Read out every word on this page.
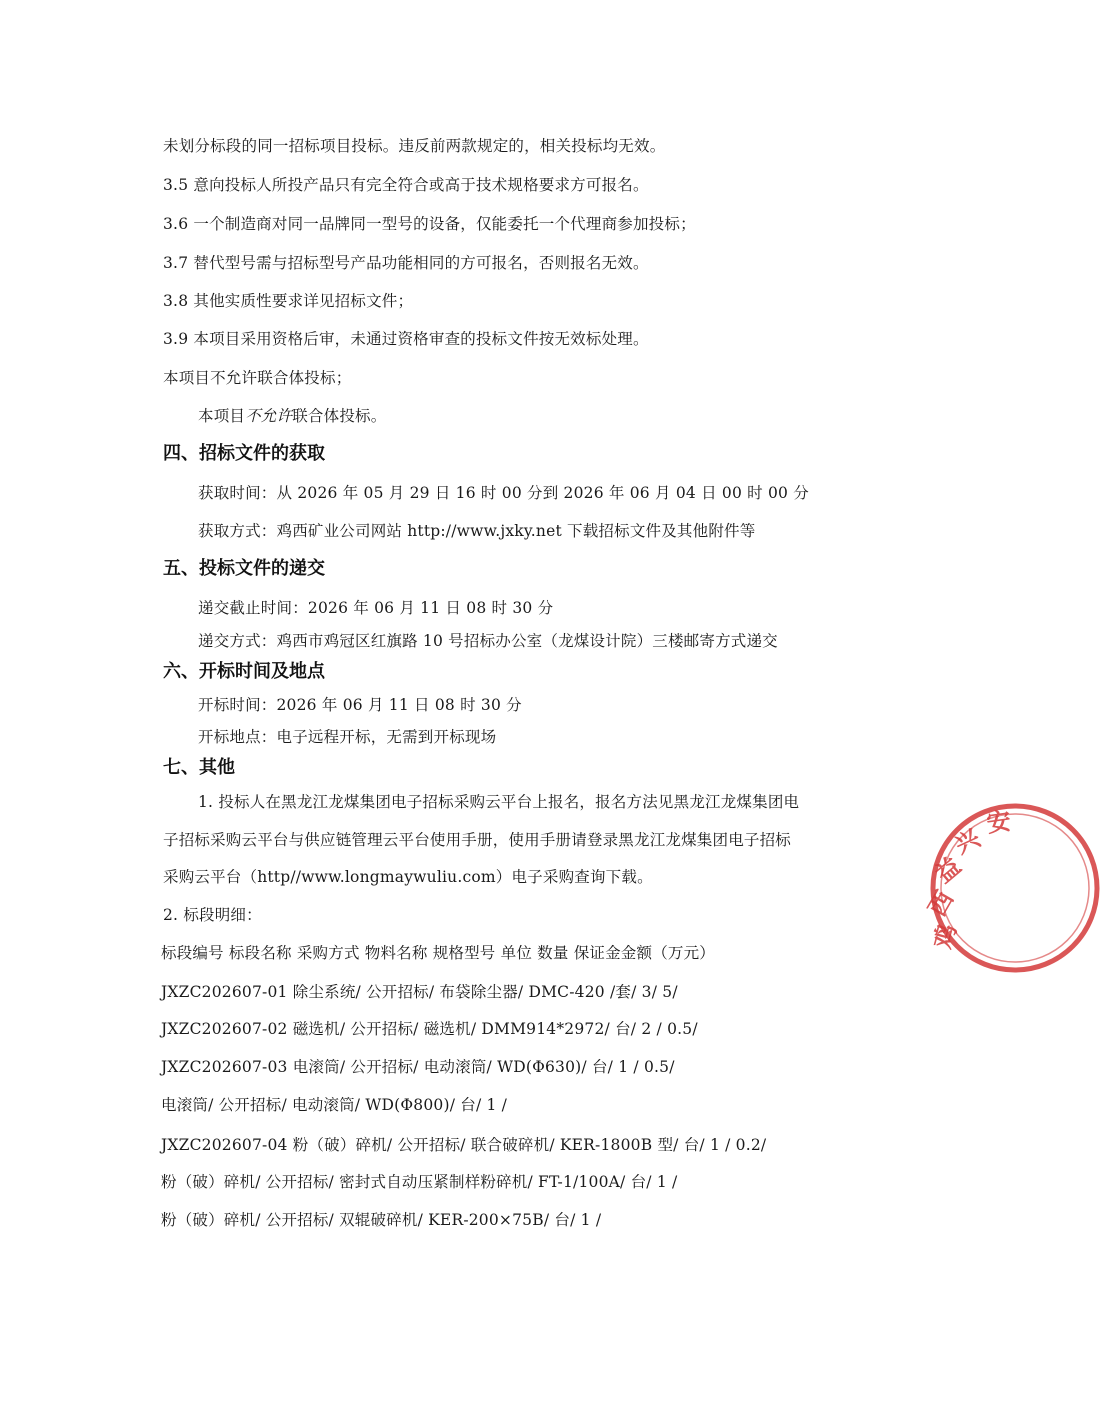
未划分标段的同一招标项目投标。违反前两款规定的，相关投标均无效。
3.5 意向投标人所投产品只有完全符合或高于技术规格要求方可报名。
3.6 一个制造商对同一品牌同一型号的设备，仅能委托一个代理商参加投标；
3.7 替代型号需与招标型号产品功能相同的方可报名，否则报名无效。
3.8 其他实质性要求详见招标文件；
3.9 本项目采用资格后审，未通过资格审查的投标文件按无效标处理。
本项目不允许联合体投标；
本项目不允许联合体投标。
四、招标文件的获取
获取时间：从 2026 年 05 月 29 日 16 时 00 分到 2026 年 06 月 04 日 00 时 00 分
获取方式：鸡西矿业公司网站 http://www.jxky.net 下载招标文件及其他附件等
五、投标文件的递交
递交截止时间：2026 年 06 月 11 日 08 时 30 分
递交方式：鸡西市鸡冠区红旗路 10 号招标办公室（龙煤设计院）三楼邮寄方式递交
六、开标时间及地点
开标时间：2026 年 06 月 11 日 08 时 30 分
开标地点：电子远程开标，无需到开标现场
七、其他
1. 投标人在黑龙江龙煤集团电子招标采购云平台上报名，报名方法见黑龙江龙煤集团电
子招标采购云平台与供应链管理云平台使用手册，使用手册请登录黑龙江龙煤集团电子招标
采购云平台（http//www.longmaywuliu.com）电子采购查询下载。
2. 标段明细：
标段编号 标段名称 采购方式 物料名称 规格型号 单位 数量 保证金金额（万元）
JXZC202607-01 除尘系统/ 公开招标/ 布袋除尘器/ DMC-420 /套/ 3/ 5/
JXZC202607-02 磁选机/ 公开招标/ 磁选机/ DMM914*2972/ 台/ 2 / 0.5/
JXZC202607-03 电滚筒/ 公开招标/ 电动滚筒/ WD(Φ630)/ 台/ 1 / 0.5/
电滚筒/ 公开招标/ 电动滚筒/ WD(Φ800)/ 台/ 1 /
JXZC202607-04 粉（破）碎机/ 公开招标/ 联合破碎机/ KER-1800B 型/ 台/ 1 / 0.2/
粉（破）碎机/ 公开招标/ 密封式自动压紧制样粉碎机/ FT-1/100A/ 台/ 1 /
粉（破）碎机/ 公开招标/ 双辊破碎机/ KER-200×75B/ 台/ 1 /
鸡
西
益
兴
安
